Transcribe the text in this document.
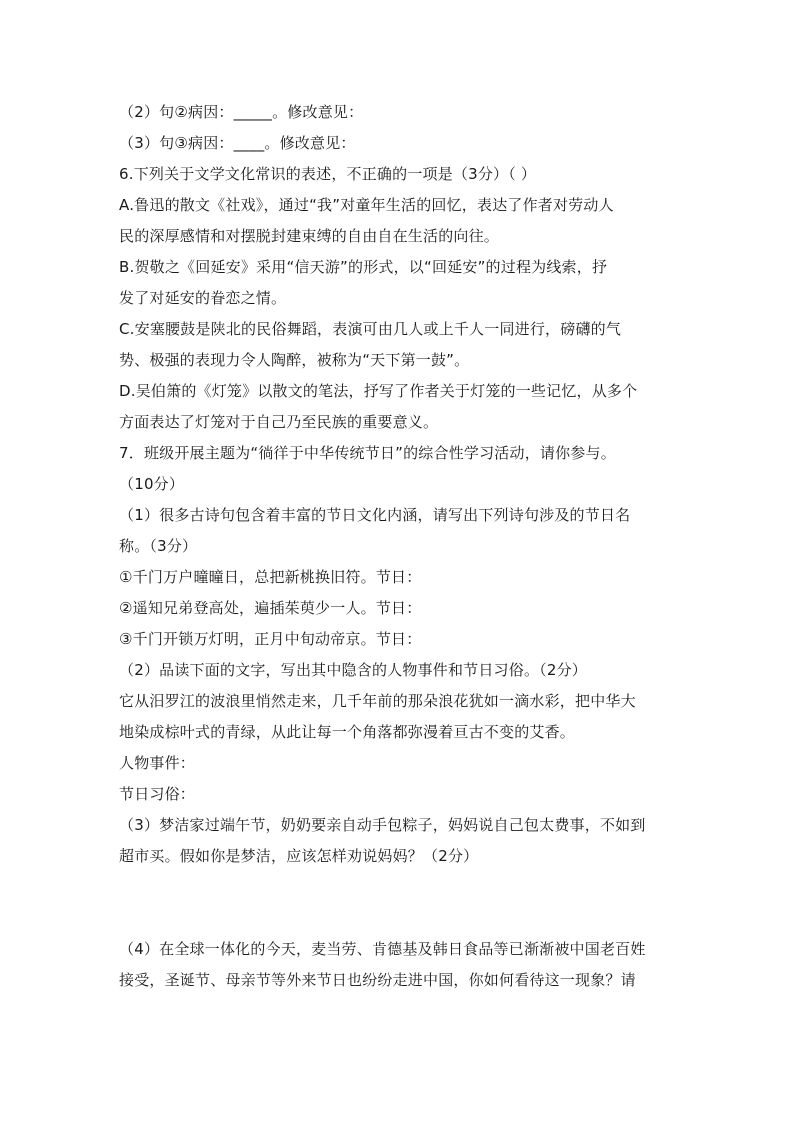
（2）句②病因：_____。修改意见：
（3）句③病因：____。修改意见：
6.下列关于文学文化常识的表述，不正确的一项是（3分）（ ）
A.鲁迅的散文《社戏》，通过“我”对童年生活的回忆，表达了作者对劳动人
民的深厚感情和对摆脱封建束缚的自由自在生活的向往。
B.贺敬之《回延安》采用“信天游”的形式，以“回延安”的过程为线索，抒
发了对延安的眷恋之情。
C.安塞腰鼓是陕北的民俗舞蹈，表演可由几人或上千人一同进行，磅礴的气
势、极强的表现力令人陶醉，被称为“天下第一鼓”。
D.吴伯箫的《灯笼》以散文的笔法，抒写了作者关于灯笼的一些记忆，从多个
方面表达了灯笼对于自己乃至民族的重要意义。
7．班级开展主题为“徜徉于中华传统节日”的综合性学习活动，请你参与。
（10分）
（1）很多古诗句包含着丰富的节日文化内涵，请写出下列诗句涉及的节日名
称。（3分）
①千门万户曈曈日，总把新桃换旧符。节日：
②遥知兄弟登高处，遍插茱萸少一人。节日：
③千门开锁万灯明，正月中旬动帝京。节日：
（2）品读下面的文字，写出其中隐含的人物事件和节日习俗。（2分）
它从汨罗江的波浪里悄然走来，几千年前的那朵浪花犹如一滴水彩，把中华大
地染成棕叶式的青绿，从此让每一个角落都弥漫着亘古不变的艾香。
人物事件：
节日习俗：
（3）梦洁家过端午节，奶奶要亲自动手包粽子，妈妈说自己包太费事，不如到
超市买。假如你是梦洁，应该怎样劝说妈妈？（2分）
（4）在全球一体化的今天，麦当劳、肯德基及韩日食品等已渐渐被中国老百姓
接受，圣诞节、母亲节等外来节日也纷纷走进中国，你如何看待这一现象？请
